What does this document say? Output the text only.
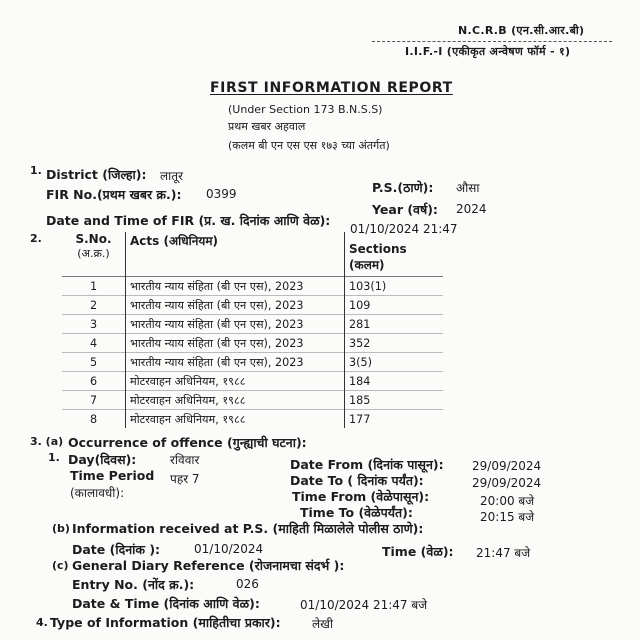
N.C.R.B (एन.सी.आर.बी)
I.I.F.-I (एकीकृत अन्वेषण फॉर्म - १)
FIRST INFORMATION REPORT
(Under Section 173 B.N.S.S)
प्रथम खबर अहवाल
(कलम बी एन एस एस १७३ च्या अंतर्गत)
1. District (जिल्हा): लातूर
P.S.(ठाणे): औसा
FIR No.(प्रथम खबर क्र.): 0399
Year (वर्ष): 2024
Date and Time of FIR (प्र. ख. दिनांक आणि वेळ):
01/10/2024 21:47
2.	S.No.
(अ.क्र.)	Acts (अधिनियम)	Sections (कलम)
1	भारतीय न्याय संहिता (बी एन एस), 2023	103(1)
2	भारतीय न्याय संहिता (बी एन एस), 2023	109
3	भारतीय न्याय संहिता (बी एन एस), 2023	281
4	भारतीय न्याय संहिता (बी एन एस), 2023	352
5	भारतीय न्याय संहिता (बी एन एस), 2023	3(5)
6	मोटरवाहन अधिनियम, १९८८	184
7	मोटरवाहन अधिनियम, १९८८	185
8	मोटरवाहन अधिनियम, १९८८	177
3. (a) Occurrence of offence (गुन्ह्याची घटना):
1. Day(दिवस):	रविवार
Time Period पहर 7
(कालावधी):
Date From (दिनांक पासून): 29/09/2024
Date To ( दिनांक पर्यंत):	29/09/2024
Time From (वेळेपासून):	20:00 बजे
Time To (वेळेपर्यंत):	20:15 बजे
(b) Information received at P.S. (माहिती मिळालेले पोलीस ठाणे):
Date (दिनांक ):	01/10/2024	Time (वेळ): 21:47 बजे
(c) General Diary Reference (रोजनामचा संदर्भ ):
Entry No. (नोंद क्र.):	026
Date & Time (दिनांक आणि वेळ):	01/10/2024 21:47 बजे
4. Type of Information (माहितीचा प्रकार):	लेखी
